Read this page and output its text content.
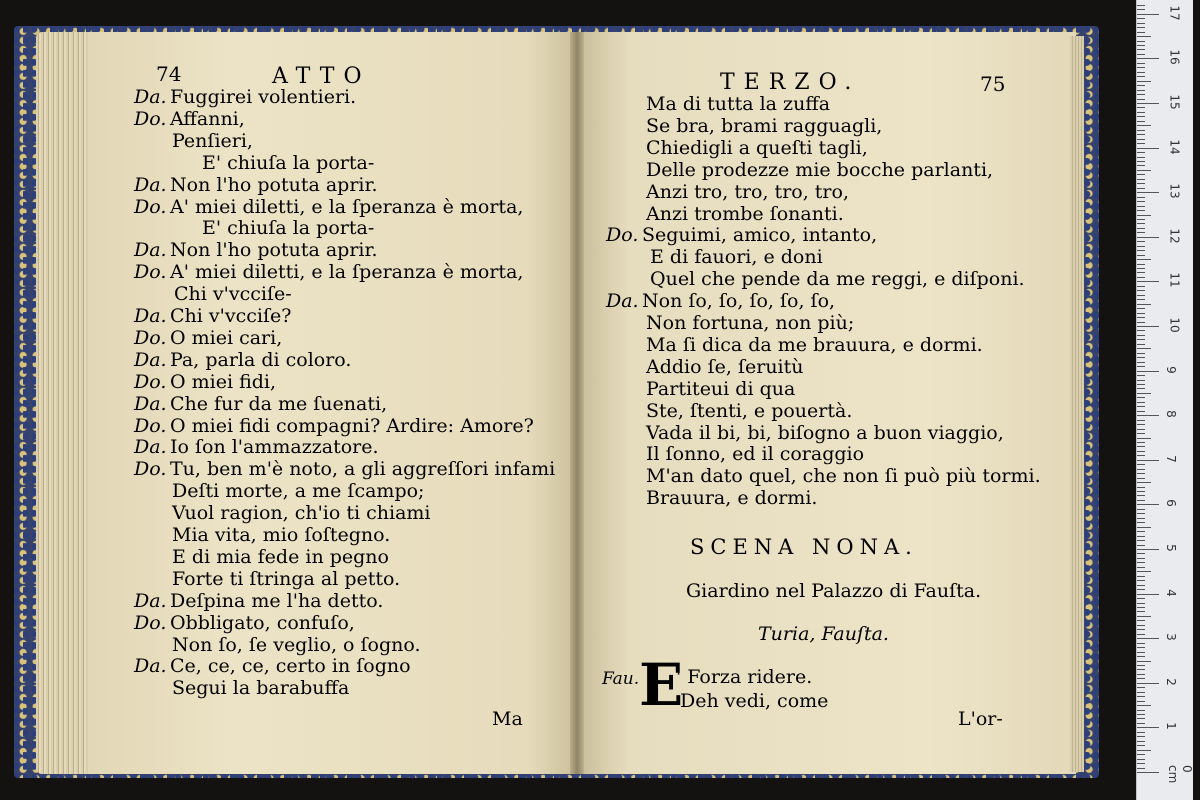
74	ATTO
Da. Fuggirei volentieri.
Do. Affanni,
Penſieri,
E' chiuſa la porta-
Da. Non l'ho potuta aprir.
Do. A' miei diletti, e la ſperanza è morta,
E' chiuſa la porta-
Da. Non l'ho potuta aprir.
Do. A' miei diletti, e la ſperanza è morta,
Chi v'vcciſe-
Da. Chi v'vcciſe?
Do. O miei cari,
Da. Pa, parla di coloro.
Do. O miei fidi,
Da. Che fur da me ſuenati,
Do. O miei fidi compagni? Ardire: Amore?
Da. Io ſon l'ammazzatore.
Do. Tu, ben m'è noto, a gli aggreſſori infami
Deſti morte, a me ſcampo;
Vuol ragion, ch'io ti chiami
Mia vita, mio ſoſtegno.
E di mia fede in pegno
Forte ti ſtringa al petto.
Da. Deſpina me l'ha detto.
Do. Obbligato, confuſo,
Non ſo, ſe veglio, o ſogno.
Da. Ce, ce, ce, certo in ſogno
Segui la barabuffa
Ma
TERZO.	75
Ma di tutta la zuffa
Se bra, brami ragguagli,
Chiedigli a queſti tagli,
Delle prodezze mie bocche parlanti,
Anzi tro, tro, tro, tro,
Anzi trombe ſonanti.
Do. Seguimi, amico, intanto,
E di fauori, e doni
Quel che pende da me reggi, e diſponi.
Da. Non ſo, ſo, ſo, ſo, ſo,
Non fortuna, non più;
Ma ſi dica da me brauura, e dormi.
Addio ſe, ſeruitù
Partiteui di qua
Ste, ſtenti, e pouertà.
Vada il bi, bi, biſogno a buon viaggio,
Il ſonno, ed il coraggio
M'an dato quel, che non ſi può più tormi.
Brauura, e dormi.
SCENA NONA.
Giardino nel Palazzo di Fauſta.
Turia, Fauſta.
Fau. E
' Forza ridere.
Deh vedi, come
L'or-
0 cm
1
2
3
4
5
6
7
8
9
10
11
12
13
14
15
16
17
